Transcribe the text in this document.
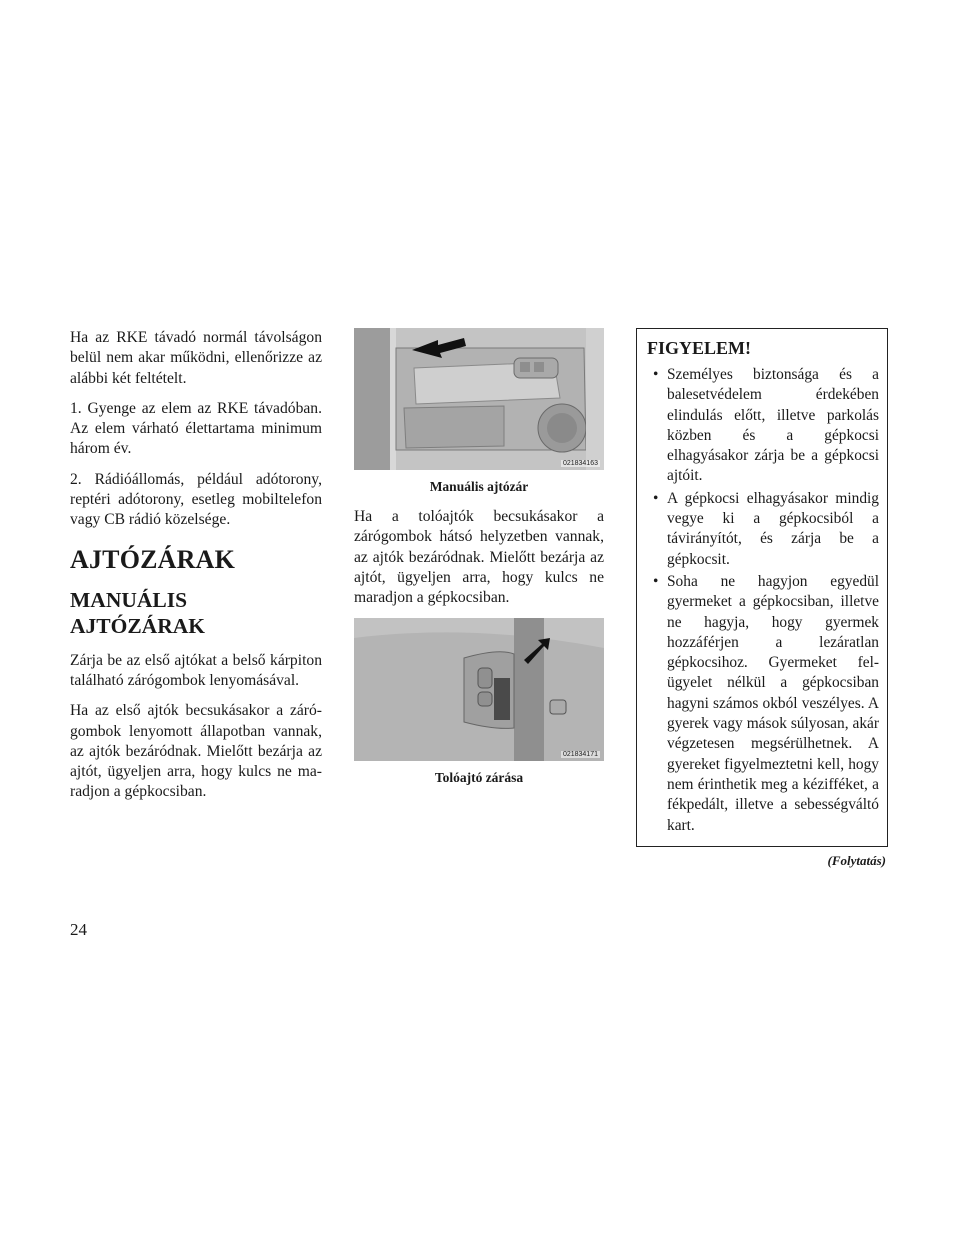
Ha az RKE távadó normál távolságon belül nem akar működni, ellenőrizze az alábbi két feltételt.

1. Gyenge az elem az RKE távadóban. Az elem várható élettartama minimum három év.

2. Rádióállomás, például adótorony, reptéri adótorony, esetleg mobiltelefon vagy CB rádió közelsége.

AJTÓZÁRAK
MANUÁLIS AJTÓZÁRAK

Zárja be az első ajtókat a belső kárpiton található zárógombok lenyomásával.

Ha az első ajtók becsukásakor a zárógombok lenyomott állapotban vannak, az ajtók bezáródnak. Mielőtt bezárja az ajtót, ügyeljen arra, hogy kulcs ne maradjon a gépkocsiban.

021834163
Manuális ajtózár

Ha a tolóajtók becsukásakor a zárógombok hátsó helyzetben vannak, az ajtók bezáródnak. Mielőtt bezárja az ajtót, ügyeljen arra, hogy kulcs ne maradjon a gépkocsiban.

021834171
Tolóajtó zárása
FIGYELEM!
• Személyes biztonsága és a balesetvédelem érdekében elindulás előtt, illetve parkolás közben és a gépkocsi elhagyásakor zárja be a gépkocsi ajtóit.
• A gépkocsi elhagyásakor mindig vegye ki a gépkocsiból a távirányítót, és zárja be a gépkocsit.
• Soha ne hagyjon egyedül gyermeket a gépkocsiban, illetve ne hagyja, hogy gyermek hozzáférjen a lezáratlan gépkocsihoz. Gyermeket felügyelet nélkül a gépkocsiban hagyni számos okból veszélyes. A gyerek vagy mások súlyosan, akár végzetesen megsérülhetnek. A gyereket figyelmeztetni kell, hogy nem érinthetik meg a kézifféket, a fékpedált, illetve a sebességváltó kart.
(Folytatás)
24
